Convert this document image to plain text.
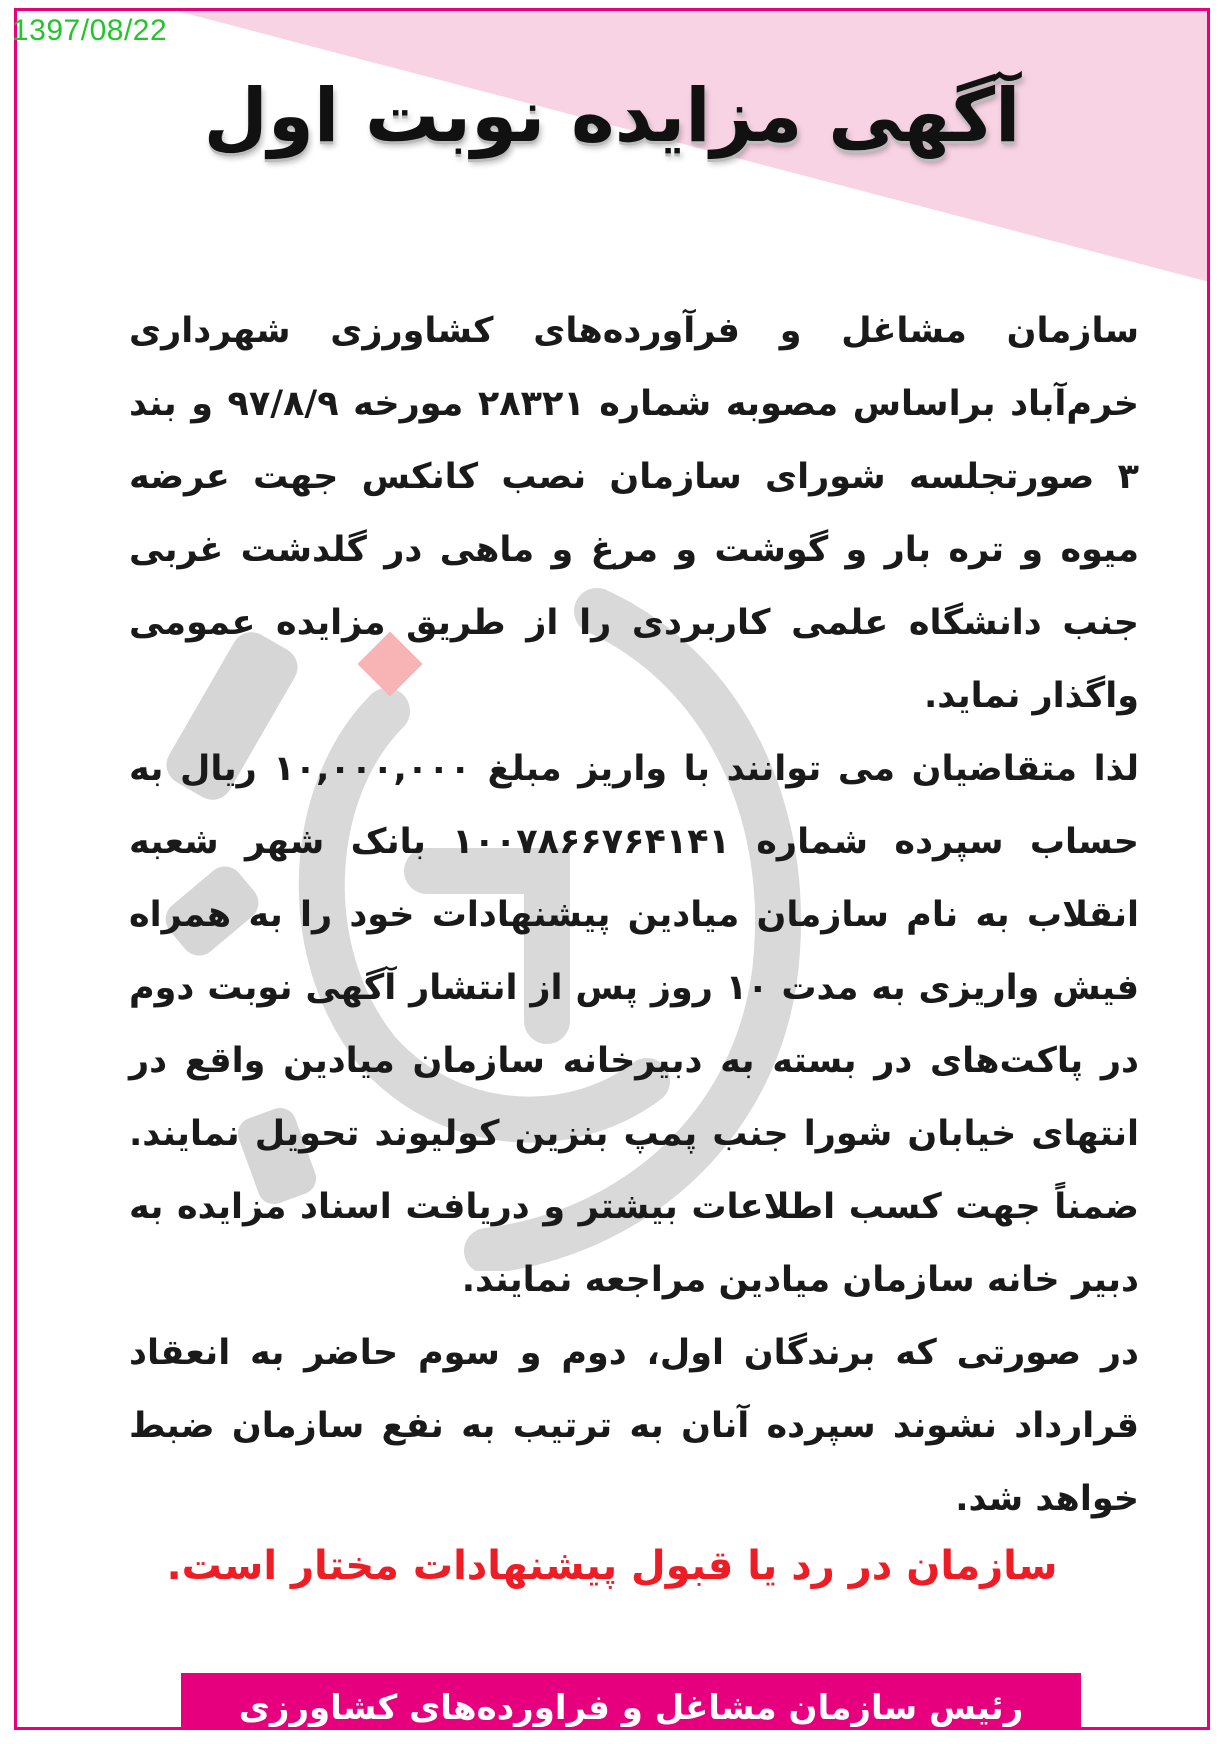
آگهی مزایده نوبت اول

سازمان مشاغل و فرآورده‌های کشاورزی شهرداری خرم‌آباد براساس مصوبه شماره ۲۸۳۲۱ مورخه ۹۷/۸/۹ و بند ۳ صورتجلسه شورای سازمان نصب کانکس جهت عرضه میوه و تره بار و گوشت و مرغ و ماهی در گلدشت غربی جنب دانشگاه علمی کاربردی را از طریق مزایده عمومی واگذار نماید.

لذا متقاضیان می توانند با واریز مبلغ ۱۰,۰۰۰,۰۰۰ ریال به حساب سپرده شماره ۱۰۰۷۸۶۶۷۶۴۱۴۱ بانک شهر شعبه انقلاب به نام سازمان میادین پیشنهادات خود را به همراه فیش واریزی به مدت ۱۰ روز پس از انتشار آگهی نوبت دوم در پاکت‌های در بسته به دبیرخانه سازمان میادین واقع در انتهای خیابان شورا جنب پمپ بنزین کولیوند تحویل نمایند. ضمناً جهت کسب اطلاعات بیشتر و دریافت اسناد مزایده به دبیر خانه سازمان میادین مراجعه نمایند.

در صورتی که برندگان اول، دوم و سوم حاضر به انعقاد قرارداد نشوند سپرده آنان به ترتیب به نفع سازمان ضبط خواهد شد.

سازمان در رد یا قبول پیشنهادات مختار است.
رئیس سازمان مشاغل و فراورده‌های کشاورزی
1397/08/22
